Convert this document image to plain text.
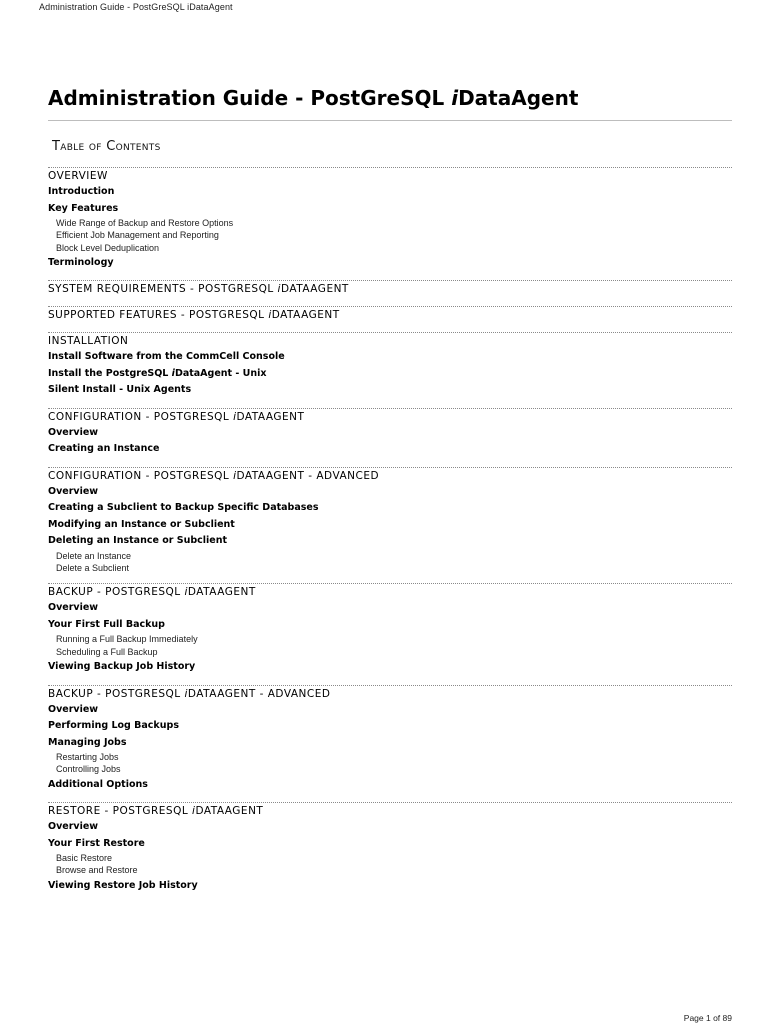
Administration Guide - PostGreSQL iDataAgent
Administration Guide - PostGreSQL iDataAgent
Table of Contents
OVERVIEW
Introduction
Key Features
Wide Range of Backup and Restore Options
Efficient Job Management and Reporting
Block Level Deduplication
Terminology
SYSTEM REQUIREMENTS - POSTGRESQL iDATAAGENT
SUPPORTED FEATURES - POSTGRESQL iDATAAGENT
INSTALLATION
Install Software from the CommCell Console
Install the PostgreSQL iDataAgent - Unix
Silent Install - Unix Agents
CONFIGURATION - POSTGRESQL iDATAAGENT
Overview
Creating an Instance
CONFIGURATION - POSTGRESQL iDATAAGENT - ADVANCED
Overview
Creating a Subclient to Backup Specific Databases
Modifying an Instance or Subclient
Deleting an Instance or Subclient
Delete an Instance
Delete a Subclient
BACKUP - POSTGRESQL iDATAAGENT
Overview
Your First Full Backup
Running a Full Backup Immediately
Scheduling a Full Backup
Viewing Backup Job History
BACKUP - POSTGRESQL iDATAAGENT - ADVANCED
Overview
Performing Log Backups
Managing Jobs
Restarting Jobs
Controlling Jobs
Additional Options
RESTORE - POSTGRESQL iDATAAGENT
Overview
Your First Restore
Basic Restore
Browse and Restore
Viewing Restore Job History
Page 1 of 89
